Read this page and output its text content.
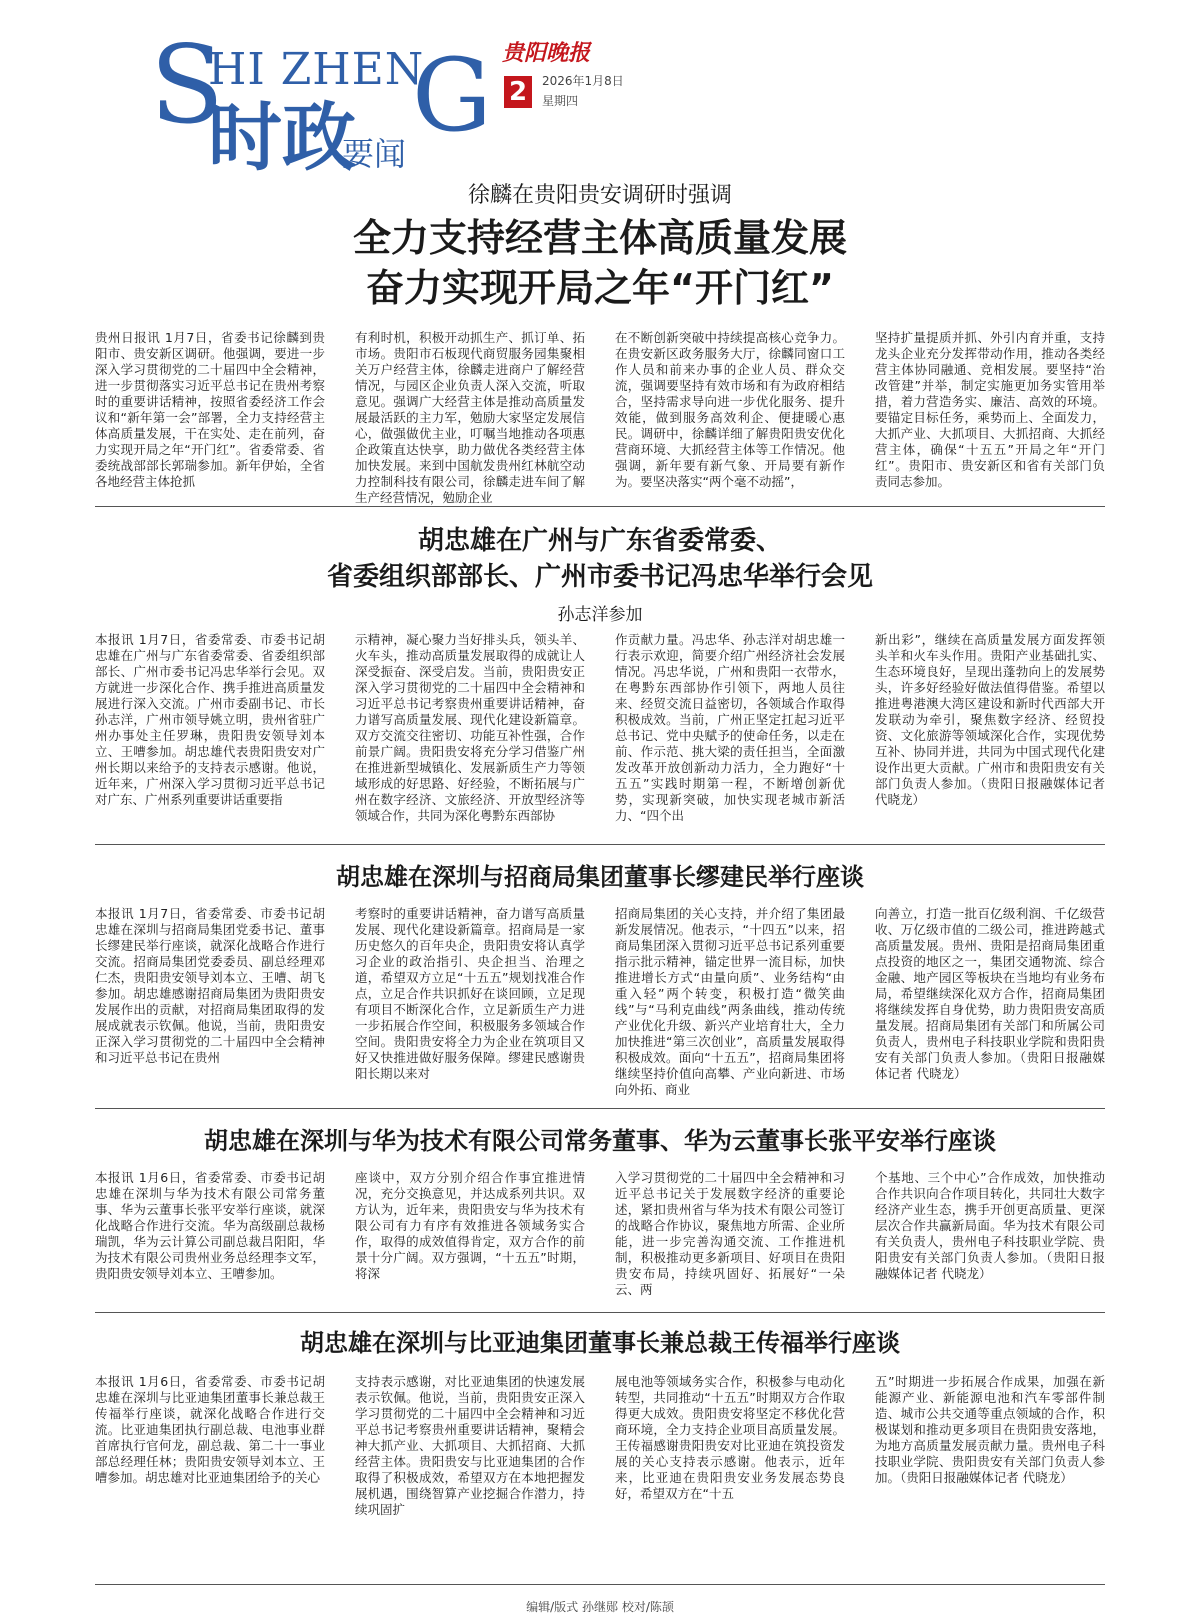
S
HI ZHEN
G
时政
要闻
贵阳晚报
2	2026年1月8日
星期四
徐麟在贵阳贵安调研时强调
全力支持经营主体高质量发展
奋力实现开局之年“开门红”
贵州日报讯 1月7日，省委书记徐麟到贵阳市、贵安新区调研。他强调，要进一步深入学习贯彻党的二十届四中全会精神，进一步贯彻落实习近平总书记在贵州考察时的重要讲话精神，按照省委经济工作会议和“新年第一会”部署，全力支持经营主体高质量发展，干在实处、走在前列，奋力实现开局之年“开门红”。省委常委、省委统战部部长郭瑞参加。新年伊始，全省各地经营主体抢抓
有利时机，积极开动抓生产、抓订单、拓市场。贵阳市石板现代商贸服务园集聚相关万户经营主体，徐麟走进商户了解经营情况，与园区企业负责人深入交流，听取意见。强调广大经营主体是推动高质量发展最活跃的主力军，勉励大家坚定发展信心，做强做优主业，叮嘱当地推动各项惠企政策直达快享，助力做优各类经营主体加快发展。来到中国航发贵州红林航空动力控制科技有限公司，徐麟走进车间了解生产经营情况，勉励企业
在不断创新突破中持续提高核心竞争力。在贵安新区政务服务大厅，徐麟同窗口工作人员和前来办事的企业人员、群众交流，强调要坚持有效市场和有为政府相结合，坚持需求导向进一步优化服务、提升效能，做到服务高效利企、便捷暖心惠民。调研中，徐麟详细了解贵阳贵安优化营商环境、大抓经营主体等工作情况。他强调，新年要有新气象、开局要有新作为。要坚决落实“两个毫不动摇”，
坚持扩量提质并抓、外引内育并重，支持龙头企业充分发挥带动作用，推动各类经营主体协同融通、竞相发展。要坚持“治改管建”并举，制定实施更加务实管用举措，着力营造务实、廉洁、高效的环境。要锚定目标任务，乘势而上、全面发力，大抓产业、大抓项目、大抓招商、大抓经营主体，确保“十五五”开局之年“开门红”。贵阳市、贵安新区和省有关部门负责同志参加。
胡忠雄在广州与广东省委常委、
省委组织部部长、广州市委书记冯忠华举行会见
孙志洋参加
本报讯 1月7日，省委常委、市委书记胡忠雄在广州与广东省委常委、省委组织部部长、广州市委书记冯忠华举行会见。双方就进一步深化合作、携手推进高质量发展进行深入交流。广州市委副书记、市长孙志洋，广州市领导姚立明，贵州省驻广州办事处主任罗琳，贵阳贵安领导刘本立、王嘈参加。胡忠雄代表贵阳贵安对广州长期以来给予的支持表示感谢。他说，近年来，广州深入学习贯彻习近平总书记对广东、广州系列重要讲话重要指
示精神，凝心聚力当好排头兵，领头羊、火车头，推动高质量发展取得的成就让人深受振奋、深受启发。当前，贵阳贵安正深入学习贯彻党的二十届四中全会精神和习近平总书记考察贵州重要讲话精神，奋力谱写高质量发展、现代化建设新篇章。双方交流交往密切、功能互补性强，合作前景广阔。贵阳贵安将充分学习借鉴广州在推进新型城镇化、发展新质生产力等领域形成的好思路、好经验，不断拓展与广州在数字经济、文旅经济、开放型经济等领域合作，共同为深化粤黔东西部协
作贡献力量。冯忠华、孙志洋对胡忠雄一行表示欢迎，简要介绍广州经济社会发展情况。冯忠华说，广州和贵阳一衣带水，在粤黔东西部协作引领下，两地人员往来、经贸交流日益密切，各领域合作取得积极成效。当前，广州正坚定扛起习近平总书记、党中央赋予的使命任务，以走在前、作示范、挑大梁的责任担当，全面激发改革开放创新动力活力，全力跑好“十五五”实践时期第一程，不断增创新优势，实现新突破，加快实现老城市新活力、“四个出
新出彩”，继续在高质量发展方面发挥领头羊和火车头作用。贵阳产业基础扎实、生态环境良好，呈现出蓬勃向上的发展势头，许多好经验好做法值得借鉴。希望以推进粤港澳大湾区建设和新时代西部大开发联动为牵引，聚焦数字经济、经贸投资、文化旅游等领域深化合作，实现优势互补、协同并进，共同为中国式现代化建设作出更大贡献。广州市和贵阳贵安有关部门负责人参加。（贵阳日报融媒体记者 代晓龙）
胡忠雄在深圳与招商局集团董事长缪建民举行座谈
本报讯 1月7日，省委常委、市委书记胡忠雄在深圳与招商局集团党委书记、董事长缪建民举行座谈，就深化战略合作进行交流。招商局集团党委委员、副总经理邓仁杰，贵阳贵安领导刘本立、王嘈、胡飞参加。胡忠雄感谢招商局集团为贵阳贵安发展作出的贡献，对招商局集团取得的发展成就表示钦佩。他说，当前，贵阳贵安正深入学习贯彻党的二十届四中全会精神和习近平总书记在贵州
考察时的重要讲话精神，奋力谱写高质量发展、现代化建设新篇章。招商局是一家历史悠久的百年央企，贵阳贵安将认真学习企业的政治指引、央企担当、治理之道，希望双方立足“十五五”规划找准合作点，立足合作共识抓好在谈回顾，立足现有项目不断深化合作，立足新质生产力进一步拓展合作空间，积极服务多领域合作空间。贵阳贵安将全力为企业在筑项目又好又快推进做好服务保障。缪建民感谢贵阳长期以来对
招商局集团的关心支持，并介绍了集团最新发展情况。他表示，“十四五”以来，招商局集团深入贯彻习近平总书记系列重要指示批示精神，锚定世界一流目标，加快推进增长方式“由量向质”、业务结构“由重入轻”两个转变，积极打造“微笑曲线”与“马利克曲线”两条曲线，推动传统产业优化升级、新兴产业培育壮大，全力加快推进“第三次创业”，高质量发展取得积极成效。面向“十五五”，招商局集团将继续坚持价值向高攀、产业向新进、市场向外拓、商业
向善立，打造一批百亿级利润、千亿级营收、万亿级市值的二级公司，推进跨越式高质量发展。贵州、贵阳是招商局集团重点投资的地区之一，集团交通物流、综合金融、地产园区等板块在当地均有业务布局，希望继续深化双方合作，招商局集团将继续发挥自身优势，助力贵阳贵安高质量发展。招商局集团有关部门和所属公司负责人，贵州电子科技职业学院和贵阳贵安有关部门负责人参加。（贵阳日报融媒体记者 代晓龙）
胡忠雄在深圳与华为技术有限公司常务董事、华为云董事长张平安举行座谈
本报讯 1月6日，省委常委、市委书记胡忠雄在深圳与华为技术有限公司常务董事、华为云董事长张平安举行座谈，就深化战略合作进行交流。华为高级副总裁杨瑞凯，华为云计算公司副总裁吕阳阳，华为技术有限公司贵州业务总经理李文军，贵阳贵安领导刘本立、王嘈参加。
座谈中，双方分别介绍合作事宜推进情况，充分交换意见，并达成系列共识。双方认为，近年来，贵阳贵安与华为技术有限公司有力有序有效推进各领域务实合作，取得的成效值得肯定，双方合作的前景十分广阔。双方强调，“十五五”时期，将深
入学习贯彻党的二十届四中全会精神和习近平总书记关于发展数字经济的重要论述，紧扣贵州省与华为技术有限公司签订的战略合作协议，聚焦地方所需、企业所能，进一步完善沟通交流、工作推进机制，积极推动更多新项目、好项目在贵阳贵安布局，持续巩固好、拓展好“一朵云、两
个基地、三个中心”合作成效，加快推动合作共识向合作项目转化，共同壮大数字经济产业生态，携手开创更高质量、更深层次合作共赢新局面。华为技术有限公司有关负责人，贵州电子科技职业学院、贵阳贵安有关部门负责人参加。（贵阳日报融媒体记者 代晓龙）
胡忠雄在深圳与比亚迪集团董事长兼总裁王传福举行座谈
本报讯 1月6日，省委常委、市委书记胡忠雄在深圳与比亚迪集团董事长兼总裁王传福举行座谈，就深化战略合作进行交流。比亚迪集团执行副总裁、电池事业群首席执行官何龙，副总裁、第二十一事业部总经理任林；贵阳贵安领导刘本立、王嘈参加。胡忠雄对比亚迪集团给予的关心
支持表示感谢，对比亚迪集团的快速发展表示钦佩。他说，当前，贵阳贵安正深入学习贯彻党的二十届四中全会精神和习近平总书记考察贵州重要讲话精神，聚精会神大抓产业、大抓项目、大抓招商、大抓经营主体。贵阳贵安与比亚迪集团的合作取得了积极成效，希望双方在本地把握发展机遇，围绕智算产业挖掘合作潜力，持续巩固扩
展电池等领域务实合作，积极参与电动化转型，共同推动“十五五”时期双方合作取得更大成效。贵阳贵安将坚定不移优化营商环境，全力支持企业项目高质量发展。王传福感谢贵阳贵安对比亚迪在筑投资发展的关心支持表示感谢。他表示，近年来，比亚迪在贵阳贵安业务发展态势良好，希望双方在“十五
五”时期进一步拓展合作成果，加强在新能源产业、新能源电池和汽车零部件制造、城市公共交通等重点领域的合作，积极谋划和推动更多项目在贵阳贵安落地，为地方高质量发展贡献力量。贵州电子科技职业学院、贵阳贵安有关部门负责人参加。（贵阳日报融媒体记者 代晓龙）
编辑/版式 孙继郧 校对/陈颉
